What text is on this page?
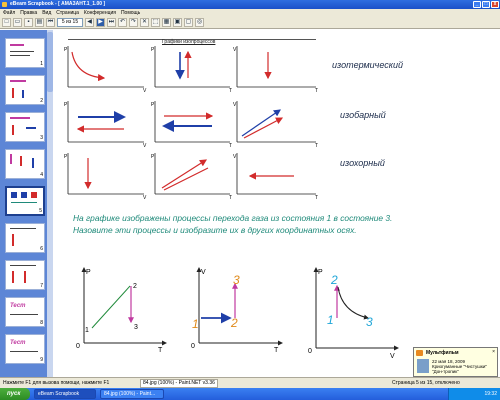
eBeam Scrapbook - [ АМАЗАНТ.1_1.00 ]	_	□	x
Файл Правка Вид Страница Конференция Помощь
□	▭	▪	▤ ⏮	5 из 15	◀	▶ ⏭ ↶ ↷ ✕ ⬚ ▦ ▣ ▢ ◎
1
2
3
4
5
6
7
Тест
8
Тест
9
Графики изопроцессов
изотермический
изобарный
изохорный
P
V
P
T
V
T
P
V
P
T
V
T
P
V
P
T
V
T
P
T
0
1
2
3
V
T
0
1	2
3
P
V
0
2
1	3
На графике изображены процессы перехода газа из состояния 1 в состояние 3. Назовите эти процессы и изобразите их в других координатных осях.
×
Мультфильм
22 мая 18, 2009
Криогуманные "Чистушки" "Дон-тропик"
Нажмите F1 для вызова помощи, нажмите F1	84.jpg (100%) - Paint.NET v3.36	Страница 5 из 15, отключено
пуск	eBeam Scrapbook	84.jpg (100%) - Paint...	19:32
